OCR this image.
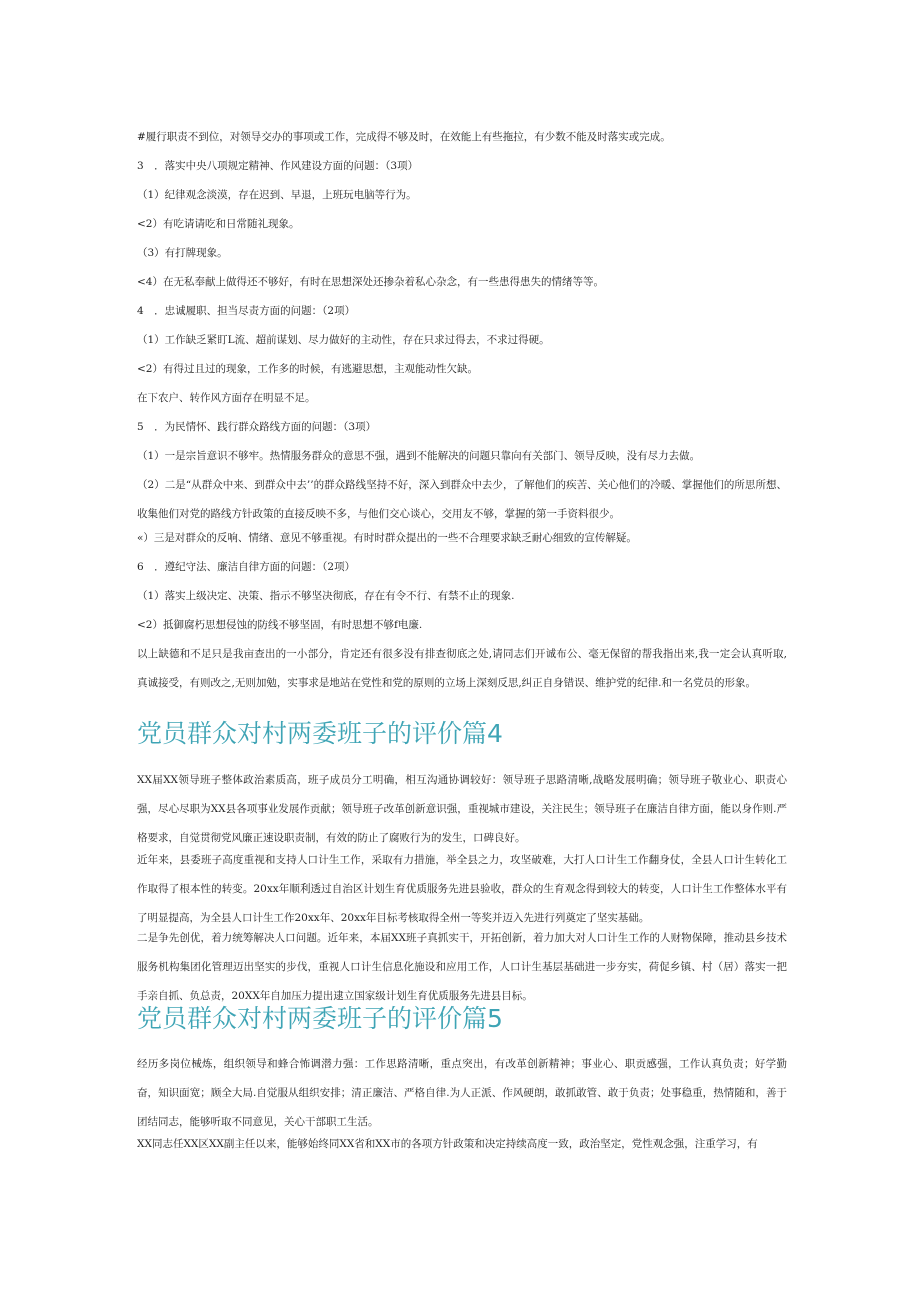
#履行职责不到位，对领导交办的事项或工作，完成得不够及时，在效能上有些拖拉，有少数不能及时落实或完成。
3　．落实中央八项规定精神、作风建设方面的问题：（3项）
（1）纪律观念淡漠，存在迟到、早退，上班玩电脑等行为。
<2）有吃请请吃和日常随礼现象。
（3）有打牌现象。
<4）在无私奉献上做得还不够好，有时在思想深处还掺杂着私心杂念，有一些患得患失的情绪等等。
4　．忠诚履职、担当尽责方面的问题：（2项）
（1）工作缺乏紧盯L流、超前谋划、尽力做好的主动性，存在只求过得去，不求过得硬。
<2）有得过且过的现象，工作多的时候，有逃避思想，主观能动性欠缺。
在下农户、转作风方面存在明显不足。
5　．为民情怀、践行群众路线方面的问题：（3项）
（1）一是宗旨意识不够牢。热情服务群众的意思不强，遇到不能解决的问题只靠向有关部门、领导反映，没有尽力去做。
（2）二是“从群众中来、到群众中去’’的群众路线坚持不好，深入到群众中去少，了解他们的疾苦、关心他们的冷暖、掌握他们的所思所想、收集他们对党的路线方针政策的直接反映不多，与他们交心谈心，交用友不够，掌握的第一手资料很少。
«）三是对群众的反响、情绪、意见不够重视。有时时群众提出的一些不合理要求缺乏耐心细致的宣传解疑。
6　．遵纪守法、廉洁自律方面的问题：（2项）
（1）落实上级决定、决策、指示不够坚决彻底，存在有令不行、有禁不止的现象.
<2）抵御腐朽思想侵蚀的防线不够坚固，有时思想不够f电廉.
以上缺德和不足只是我亩查出的一小部分，肯定还有很多没有排查彻底之处,请同志们开诚布公、毫无保留的帮我指出来,我一定会认真听取,真诚接受，有则改之,无则加勉，实事求是地站在党性和党的原则的立场上深刻反思,纠正自身错误、维护党的纪律.和一名党员的形象。
党员群众对村两委班子的评价篇4
XX届XX领导班子整体政治素质高，班子成员分工明确，相互沟通协调较好：领导班子思路清晰,战略发展明确；领导班子敬业心、职责心强，尽心尽职为XX县各项事业发展作贡献；领导班子改革创新意识强，重视城市建设，关注民生；领导班子在廉洁自律方面，能以身作则.严格要求，自觉贯彻党风廉正速设职责制，有效的防止了腐败行为的发生，口碑良好。
近年来，县委班子高度重视和支持人口计生工作，采取有力措施，举全县之力，攻坚破难，大打人口计生工作翻身仗，全县人口计生转化工作取得了根本性的转变。20xx年顺利透过自治区计划生育优质服务先进县验收，群众的生育观念得到较大的转变，人口计生工作整体水平有了明显提高，为全县人口计生工作20xx年、20xx年目标考核取得全州一等奖并迈入先进行列奠定了坚实基础。
二是争先创优，着力统筹解决人口问题。近年来，本届XX班子真抓实干，开拓创新，着力加大对人口计生工作的人财物保障，推动县乡技术服务机构集团化管理迈出坚实的步伐，重视人口计生信息化施设和应用工作，人口计生基层基础进一步夯实，荷促乡镇、村（居）落实一把手亲自抓、负总责，20XX年自加压力提出逮立国家级计划生育优质服务先进县目标。
党员群众对村两委班子的评价篇5
经历多岗位械炼，组织领导和蜂合怖调潜力强：工作思路清晰，重点突出，有改革创新精神；事业心、职贡感强，工作认真负责；好学勤奋，知识面宽；顾全大局.自觉服从组织安排；清正廉洁、严格自律.为人正派、作风硬朗，敢抓敢管、敢于负责；处事稳重，热情随和，善于团结同志，能够听取不同意见，关心干部职工生活。
XX同志任XX区XX副主任以来，能够始终同XX省和XX市的各项方针政策和决定持续高度一致，政治坚定，党性观念强，注重学习，有
